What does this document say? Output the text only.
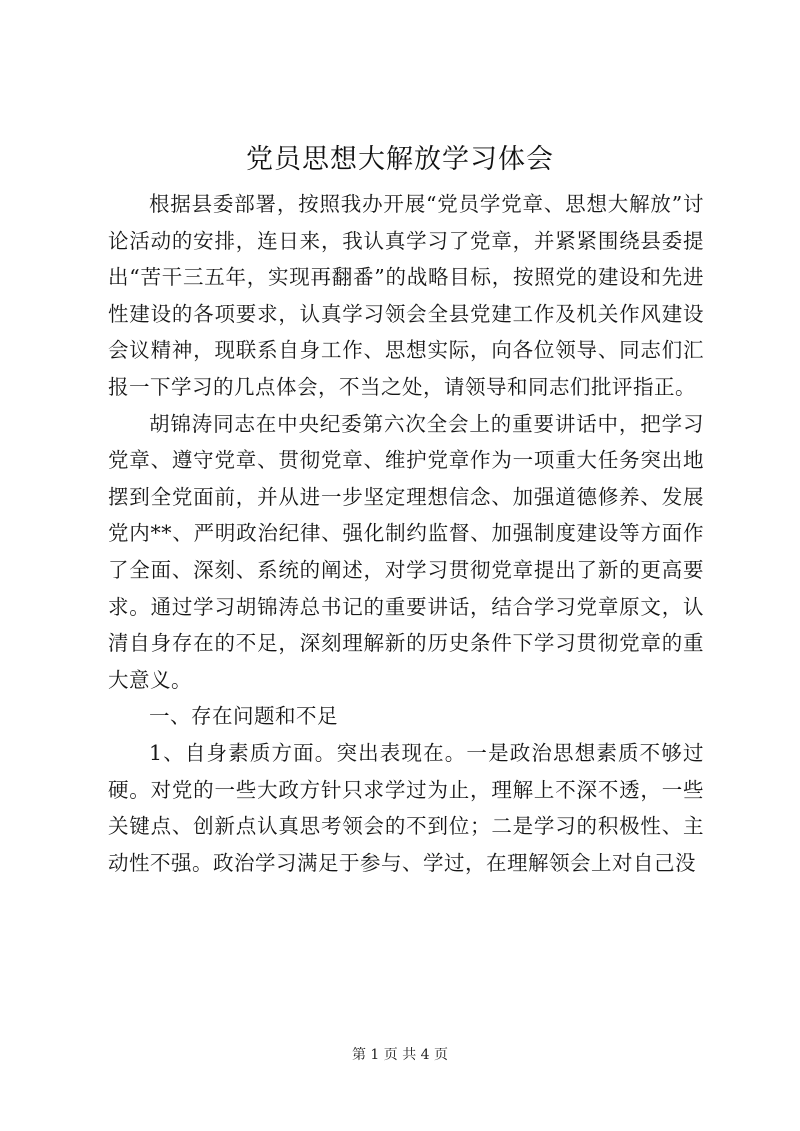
党员思想大解放学习体会

根据县委部署，按照我办开展“党员学党章、思想大解放”讨论活动的安排，连日来，我认真学习了党章，并紧紧围绕县委提出“苦干三五年，实现再翻番”的战略目标，按照党的建设和先进性建设的各项要求，认真学习领会全县党建工作及机关作风建设会议精神，现联系自身工作、思想实际，向各位领导、同志们汇报一下学习的几点体会，不当之处，请领导和同志们批评指正。

胡锦涛同志在中央纪委第六次全会上的重要讲话中，把学习党章、遵守党章、贯彻党章、维护党章作为一项重大任务突出地摆到全党面前，并从进一步坚定理想信念、加强道德修养、发展党内**、严明政治纪律、强化制约监督、加强制度建设等方面作了全面、深刻、系统的阐述，对学习贯彻党章提出了新的更高要求。通过学习胡锦涛总书记的重要讲话，结合学习党章原文，认清自身存在的不足，深刻理解新的历史条件下学习贯彻党章的重大意义。

一、存在问题和不足

1、自身素质方面。突出表现在。一是政治思想素质不够过硬。对党的一些大政方针只求学过为止，理解上不深不透，一些关键点、创新点认真思考领会的不到位；二是学习的积极性、主动性不强。政治学习满足于参与、学过，在理解领会上对自己没

第 1 页 共 4 页
